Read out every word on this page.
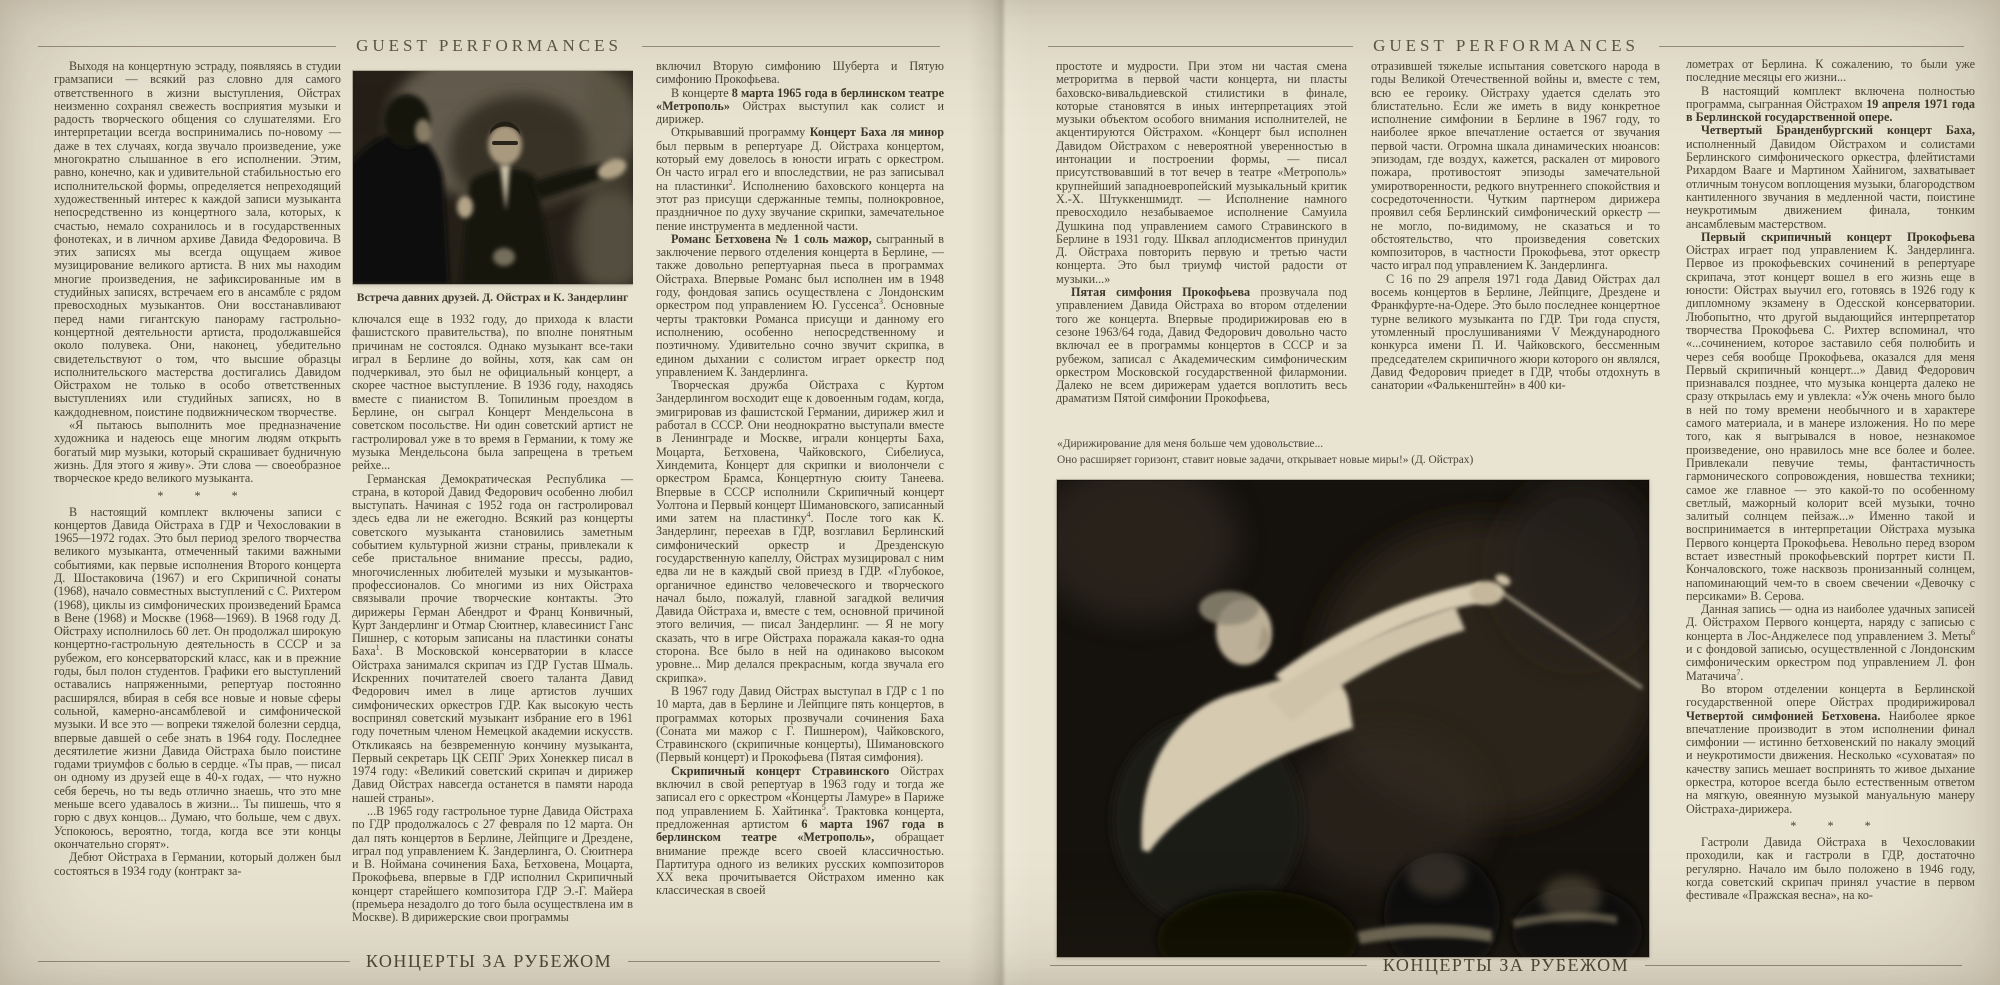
GUEST PERFORMANCES

Выходя на концертную эстраду, появляясь в студии грамзаписи — всякий раз словно для самого ответственного в жизни выступления, Ойстрах неизменно сохранял свежесть восприятия музыки и радость творческого общения со слушателями. Его интерпретации всегда воспринимались по-новому — даже в тех случаях, когда звучало произведение, уже многократно слышанное в его исполнении. Этим, равно, конечно, как и удивительной стабильностью его исполнительской формы, определяется непреходящий художественный интерес к каждой записи музыканта непосредственно из концертного зала, которых, к счастью, немало сохранилось и в государственных фонотеках, и в личном архиве Давида Федоровича. В этих записях мы всегда ощущаем живое музицирование великого артиста. В них мы находим многие произведения, не зафиксированные им в студийных записях, встречаем его в ансамбле с рядом превосходных музыкантов. Они восстанавливают перед нами гигантскую панораму гастрольно-концертной деятельности артиста, продолжавшейся около полувека. Они, наконец, убедительно свидетельствуют о том, что высшие образцы исполнительского мастерства достигались Давидом Ойстрахом не только в особо ответственных выступлениях или студийных записях, но в каждодневном, поистине подвижническом творчестве.

«Я пытаюсь выполнить мое предназначение художника и надеюсь еще многим людям открыть богатый мир музыки, который скрашивает будничную жизнь. Для этого я живу». Эти слова — своеобразное творческое кредо великого музыканта.

* * *

В настоящий комплект включены записи с концертов Давида Ойстраха в ГДР и Чехословакии в 1965—1972 годах. Это был период зрелого творчества великого музыканта, отмеченный такими важными событиями, как первые исполнения Второго концерта Д. Шостаковича (1967) и его Скрипичной сонаты (1968), начало совместных выступлений с С. Рихтером (1968), циклы из симфонических произведений Брамса в Вене (1968) и Москве (1968—1969). В 1968 году Д. Ойстраху исполнилось 60 лет. Он продолжал широкую концертно-гастрольную деятельность в СССР и за рубежом, его консерваторский класс, как и в прежние годы, был полон студентов. Графики его выступлений оставались напряженными, репертуар постоянно расширялся, вбирая в себя все новые и новые сферы сольной, камерно-ансамблевой и симфонической музыки. И все это — вопреки тяжелой болезни сердца, впервые давшей о себе знать в 1964 году. Последнее десятилетие жизни Давида Ойстраха было поистине годами триумфов с болью в сердце. «Ты прав, — писал он одному из друзей еще в 40-х годах, — что нужно себя беречь, но ты ведь отлично знаешь, что это мне меньше всего удавалось в жизни... Ты пишешь, что я горю с двух концов... Думаю, что больше, чем с двух. Успокоюсь, вероятно, тогда, когда все эти концы окончательно сгорят».

Дебют Ойстраха в Германии, который должен был состояться в 1934 году (контракт за-

Встреча давних друзей. Д. Ойстрах и К. Зандерлинг

ключался еще в 1932 году, до прихода к власти фашистского правительства), по вполне понятным причинам не состоялся. Однако музыкант все-таки играл в Берлине до войны, хотя, как сам он подчеркивал, это был не официальный концерт, а скорее частное выступление. В 1936 году, находясь вместе с пианистом В. Топилиным проездом в Берлине, он сыграл Концерт Мендельсона в советском посольстве. Ни один советский артист не гастролировал уже в то время в Германии, к тому же музыка Мендельсона была запрещена в третьем рейхе...

Германская Демократическая Республика — страна, в которой Давид Федорович особенно любил выступать. Начиная с 1952 года он гастролировал здесь едва ли не ежегодно. Всякий раз концерты советского музыканта становились заметным событием культурной жизни страны, привлекали к себе пристальное внимание прессы, радио, многочисленных любителей музыки и музыкантов-профессионалов. Со многими из них Ойстраха связывали прочие творческие контакты. Это дирижеры Герман Абендрот и Франц Конвичный, Курт Зандерлинг и Отмар Сюитнер, клавесинист Ганс Пишнер, с которым записаны на пластинки сонаты Баха$^1$. В Московской консерватории в классе Ойстраха занимался скрипач из ГДР Густав Шмаль. Искренних почитателей своего таланта Давид Федорович имел в лице артистов лучших симфонических оркестров ГДР. Как высокую честь воспринял советский музыкант избрание его в 1961 году почетным членом Немецкой академии искусств. Откликаясь на безвременную кончину музыканта, Первый секретарь ЦК СЕПГ Эрих Хонеккер писал в 1974 году: «Великий советский скрипач и дирижер Давид Ойстрах навсегда останется в памяти народа нашей страны».

...В 1965 году гастрольное турне Давида Ойстраха по ГДР продолжалось с 27 февраля по 12 марта. Он дал пять концертов в Берлине, Лейпциге и Дрездене, играл под управлением К. Зандерлинга, О. Сюитнера и В. Ноймана сочинения Баха, Бетховена, Моцарта, Прокофьева, впервые в ГДР исполнил Скрипичный концерт старейшего композитора ГДР Э.-Г. Майера (премьера незадолго до того была осуществлена им в Москве). В дирижерские свои программы

включил Вторую симфонию Шуберта и Пятую симфонию Прокофьева.

В концерте 8 марта 1965 года в берлинском театре «Метрополь» Ойстрах выступил как солист и дирижер.

Открывавший программу Концерт Баха ля минор был первым в репертуаре Д. Ойстраха концертом, который ему довелось в юности играть с оркестром. Он часто играл его и впоследствии, не раз записывал на пластинки$^2$. Исполнению баховского концерта на этот раз присущи сдержанные темпы, полнокровное, праздничное по духу звучание скрипки, замечательное пение инструмента в медленной части.

Романс Бетховена № 1 соль мажор, сыгранный в заключение первого отделения концерта в Берлине, — также довольно репертуарная пьеса в программах Ойстраха. Впервые Романс был исполнен им в 1948 году, фондовая запись осуществлена с Лондонским оркестром под управлением Ю. Гуссенса$^3$. Основные черты трактовки Романса присущи и данному его исполнению, особенно непосредственному и поэтичному. Удивительно сочно звучит скрипка, в едином дыхании с солистом играет оркестр под управлением К. Зандерлинга.

Творческая дружба Ойстраха с Куртом Зандерлингом восходит еще к довоенным годам, когда, эмигрировав из фашистской Германии, дирижер жил и работал в СССР. Они неоднократно выступали вместе в Ленинграде и Москве, играли концерты Баха, Моцарта, Бетховена, Чайковского, Сибелиуса, Хиндемита, Концерт для скрипки и виолончели с оркестром Брамса, Концертную сюиту Танеева. Впервые в СССР исполнили Скрипичный концерт Уолтона и Первый концерт Шимановского, записанный ими затем на пластинку$^4$. После того как К. Зандерлинг, переехав в ГДР, возглавил Берлинский симфонический оркестр и Дрезденскую государственную капеллу, Ойстрах музицировал с ним едва ли не в каждый свой приезд в ГДР. «Глубокое, органичное единство человеческого и творческого начал было, пожалуй, главной загадкой величия Давида Ойстраха и, вместе с тем, основной причиной этого величия, — писал Зандерлинг. — Я не могу сказать, что в игре Ойстраха поражала какая-то одна сторона. Все было в ней на одинаково высоком уровне... Мир делался прекрасным, когда звучала его скрипка».

В 1967 году Давид Ойстрах выступал в ГДР с 1 по 10 марта, дав в Берлине и Лейпциге пять концертов, в программах которых прозвучали сочинения Баха (Соната ми мажор с Г. Пишнером), Чайковского, Стравинского (скрипичные концерты), Шимановского (Первый концерт) и Прокофьева (Пятая симфония).

Скрипичный концерт Стравинского Ойстрах включил в свой репертуар в 1963 году и тогда же записал его с оркестром «Концерты Ламуре» в Париже под управлением Б. Хайтинка$^5$. Трактовка концерта, предложенная артистом 6 марта 1967 года в берлинском театре «Метрополь», обращает внимание прежде всего своей классичностью. Партитура одного из великих русских композиторов XX века прочитывается Ойстрахом именно как классическая в своей

КОНЦЕРТЫ ЗА РУБЕЖОМ
GUEST PERFORMANCES

простоте и мудрости. При этом ни частая смена метроритма в первой части концерта, ни пласты баховско-вивальдиевской стилистики в финале, которые становятся в иных интерпретациях этой музыки объектом особого внимания исполнителей, не акцентируются Ойстрахом. «Концерт был исполнен Давидом Ойстрахом с невероятной уверенностью в интонации и построении формы, — писал присутствовавший в тот вечер в театре «Метрополь» крупнейший западноевропейский музыкальный критик Х.-Х. Штуккеншмидт. — Исполнение намного превосходило незабываемое исполнение Самуила Душкина под управлением самого Стравинского в Берлине в 1931 году. Шквал аплодисментов принудил Д. Ойстраха повторить первую и третью части концерта. Это был триумф чистой радости от музыки...»

Пятая симфония Прокофьева прозвучала под управлением Давида Ойстраха во втором отделении того же концерта. Впервые продирижировав ею в сезоне 1963/64 года, Давид Федорович довольно часто включал ее в программы концертов в СССР и за рубежом, записал с Академическим симфоническим оркестром Московской государственной филармонии. Далеко не всем дирижерам удается воплотить весь драматизм Пятой симфонии Прокофьева,

отразившей тяжелые испытания советского народа в годы Великой Отечественной войны и, вместе с тем, всю ее героику. Ойстраху удается сделать это блистательно. Если же иметь в виду конкретное исполнение симфонии в Берлине в 1967 году, то наиболее яркое впечатление остается от звучания первой части. Огромна шкала динамических нюансов: эпизодам, где воздух, кажется, раскален от мирового пожара, противостоят эпизоды замечательной умиротворенности, редкого внутреннего спокойствия и сосредоточенности. Чутким партнером дирижера проявил себя Берлинский симфонический оркестр — не могло, по-видимому, не сказаться и то обстоятельство, что произведения советских композиторов, в частности Прокофьева, этот оркестр часто играл под управлением К. Зандерлинга.

С 16 по 29 апреля 1971 года Давид Ойстрах дал восемь концертов в Берлине, Лейпциге, Дрездене и Франкфурте-на-Одере. Это было последнее концертное турне великого музыканта по ГДР. Три года спустя, утомленный прослушиваниями V Международного конкурса имени П. И. Чайковского, бессменным председателем скрипичного жюри которого он являлся, Давид Федорович приедет в ГДР, чтобы отдохнуть в санатории «Фалькенштейн» в 400 ки-

«Дирижирование для меня больше чем удовольствие...
Оно расширяет горизонт, ставит новые задачи, открывает новые миры!» (Д. Ойстрах)

лометрах от Берлина. К сожалению, то были уже последние месяцы его жизни...

В настоящий комплект включена полностью программа, сыгранная Ойстрахом 19 апреля 1971 года в Берлинской государственной опере.

Четвертый Бранденбургский концерт Баха, исполненный Давидом Ойстрахом и солистами Берлинского симфонического оркестра, флейтистами Рихардом Вааге и Мартином Хайнигом, захватывает отличным тонусом воплощения музыки, благородством кантиленного звучания в медленной части, поистине неукротимым движением финала, тонким ансамблевым мастерством.

Первый скрипичный концерт Прокофьева Ойстрах играет под управлением К. Зандерлинга. Первое из прокофьевских сочинений в репертуаре скрипача, этот концерт вошел в его жизнь еще в юности: Ойстрах выучил его, готовясь в 1926 году к дипломному экзамену в Одесской консерватории. Любопытно, что другой выдающийся интерпретатор творчества Прокофьева С. Рихтер вспоминал, что «...сочинением, которое заставило себя полюбить и через себя вообще Прокофьева, оказался для меня Первый скрипичный концерт...» Давид Федорович признавался позднее, что музыка концерта далеко не сразу открылась ему и увлекла: «Уж очень много было в ней по тому времени необычного и в характере самого материала, и в манере изложения. Но по мере того, как я выгрывался в новое, незнакомое произведение, оно нравилось мне все более и более. Привлекали певучие темы, фантастичность гармонического сопровождения, новшества техники; самое же главное — это какой-то по особенному светлый, мажорный колорит всей музыки, точно залитый солнцем пейзаж...» Именно такой и воспринимается в интерпретации Ойстраха музыка Первого концерта Прокофьева. Невольно перед взором встает известный прокофьевский портрет кисти П. Кончаловского, тоже насквозь пронизанный солнцем, напоминающий чем-то в своем свечении «Девочку с персиками» В. Серова.

Данная запись — одна из наиболее удачных записей Д. Ойстрахом Первого концерта, наряду с записью с концерта в Лос-Анджелесе под управлением З. Меты$^6$ и с фондовой записью, осуществленной с Лондонским симфоническим оркестром под управлением Л. фон Матачича$^7$.

Во втором отделении концерта в Берлинской государственной опере Ойстрах продирижировал Четвертой симфонией Бетховена. Наиболее яркое впечатление производит в этом исполнении финал симфонии — истинно бетховенский по накалу эмоций и неукротимости движения. Несколько «суховатая» по качеству запись мешает воспринять то живое дыхание оркестра, которое всегда было естественным ответом на мягкую, овеянную музыкой мануальную манеру Ойстраха-дирижера.

* * *

Гастроли Давида Ойстраха в Чехословакии проходили, как и гастроли в ГДР, достаточно регулярно. Начало им было положено в 1946 году, когда советский скрипач принял участие в первом фестивале «Пражская весна», на ко-

КОНЦЕРТЫ ЗА РУБЕЖОМ
